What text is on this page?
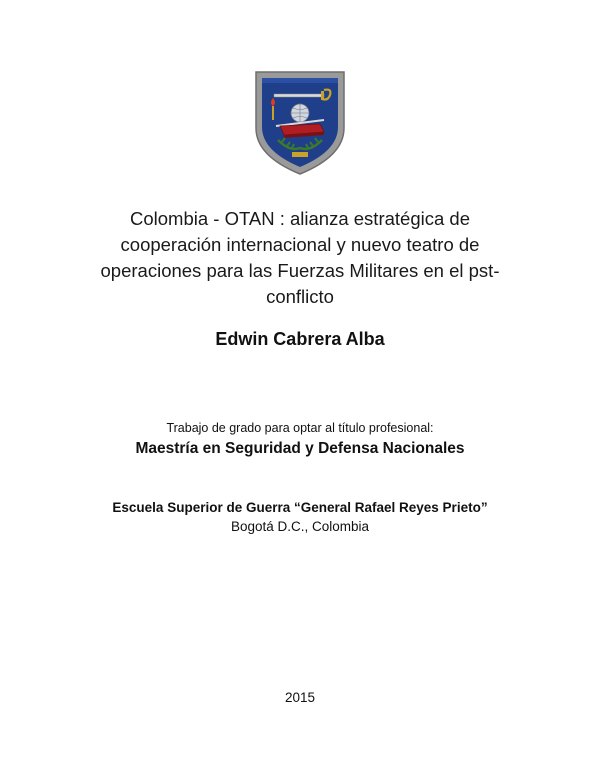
Colombia - OTAN : alianza estratégica de
cooperación internacional y nuevo teatro de
operaciones para las Fuerzas Militares en el pst-
conflicto
Edwin Cabrera Alba
Trabajo de grado para optar al título profesional:
Maestría en Seguridad y Defensa Nacionales
Escuela Superior de Guerra “General Rafael Reyes Prieto”
Bogotá D.C., Colombia
2015
